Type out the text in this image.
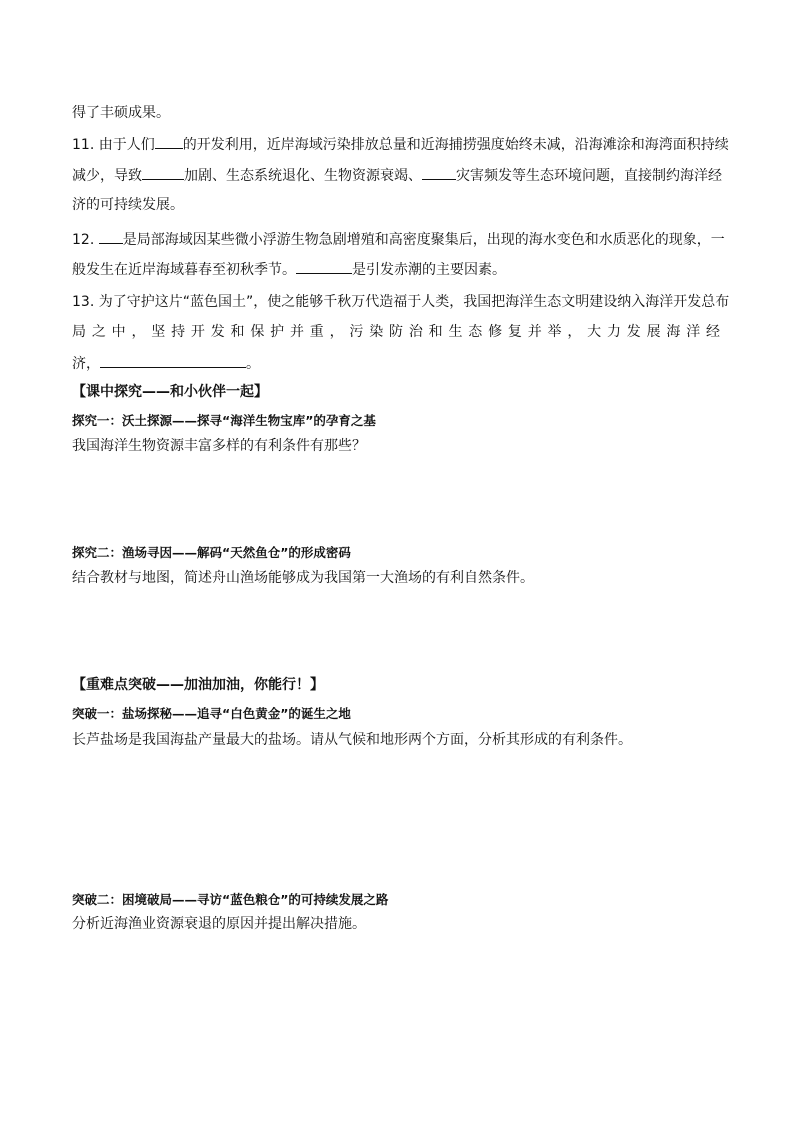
得了丰硕成果。
11. 由于人们 的开发利用，近岸海域污染排放总量和近海捕捞强度始终未减，沿海滩涂和海湾面积持续
减少，导致	加剧、生态系统退化、生物资源衰竭、 灾害频发等生态环境问题，直接制约海洋经
济的可持续发展。
12. 是局部海域因某些微小浮游生物急剧增殖和高密度聚集后，出现的海水变色和水质恶化的现象，一
般发生在近岸海域暮春至初秋季节。	是引发赤潮的主要因素。
13. 为了守护这片“蓝色国土”，使之能够千秋万代造福于人类，我国把海洋生态文明建设纳入海洋开发总布
局 之 中 ， 坚 持 开 发 和 保 护 并 重 ， 污 染 防 治 和 生 态 修 复 并 举 ， 大 力 发 展 海 洋 经
济，	。
【课中探究——和小伙伴一起】
探究一：沃土探源——探寻“海洋生物宝库”的孕育之基
我国海洋生物资源丰富多样的有利条件有那些？
探究二：渔场寻因——解码“天然鱼仓”的形成密码
结合教材与地图，简述舟山渔场能够成为我国第一大渔场的有利自然条件。
【重难点突破——加油加油，你能行！】
突破一：盐场探秘——追寻“白色黄金”的诞生之地
长芦盐场是我国海盐产量最大的盐场。请从气候和地形两个方面，分析其形成的有利条件。
突破二：困境破局——寻访“蓝色粮仓”的可持续发展之路
分析近海渔业资源衰退的原因并提出解决措施。
